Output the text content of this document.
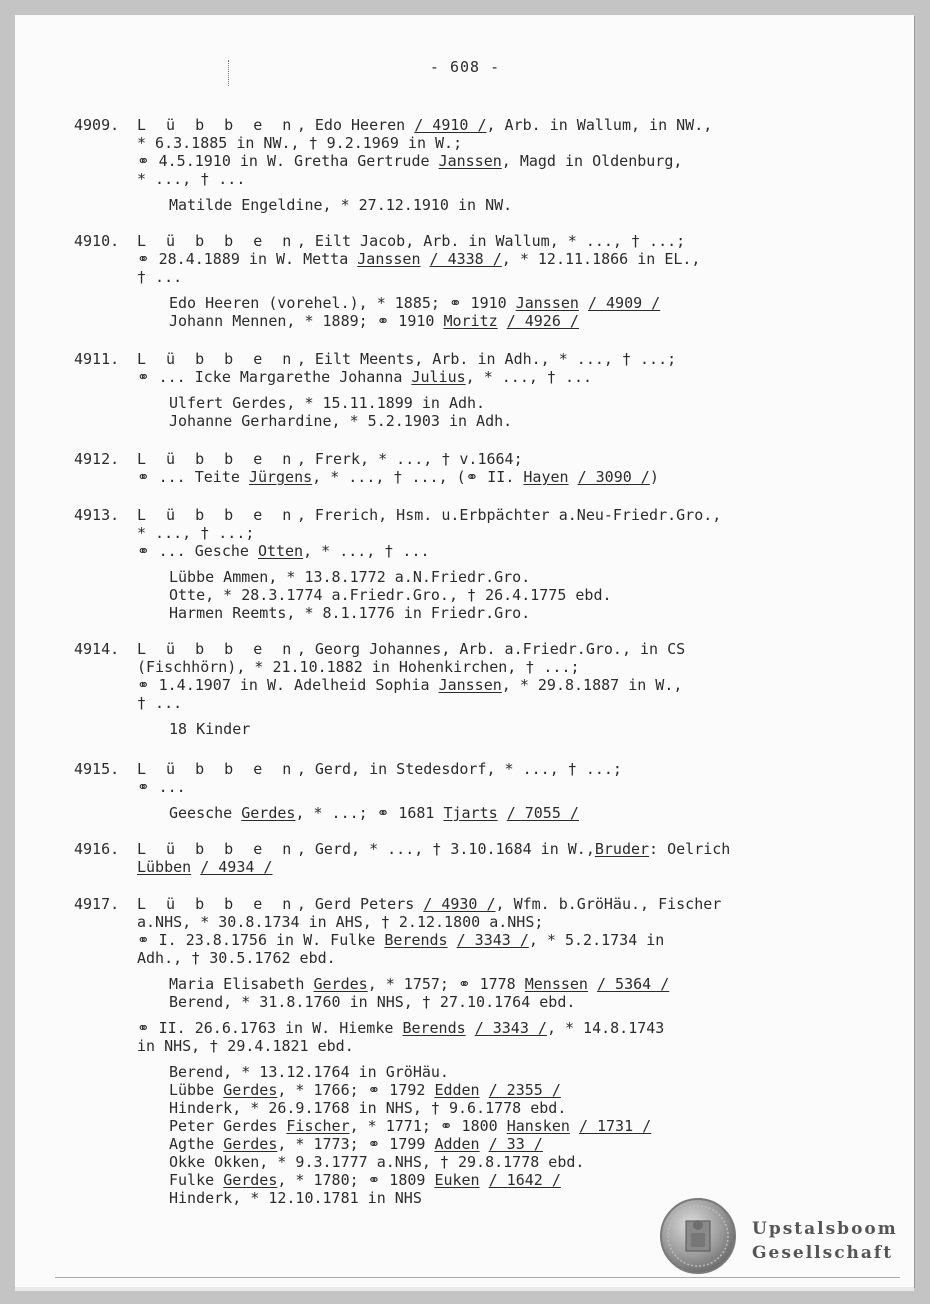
- 608 -
4909. L ü b b e n, Edo Heeren / 4910 /, Arb. in Wallum, in NW.,
* 6.3.1885 in NW., † 9.2.1969 in W.;
⚭ 4.5.1910 in W. Gretha Gertrude Janssen, Magd in Oldenburg,
* ..., † ...
Matilde Engeldine, * 27.12.1910 in NW.
4910. L ü b b e n, Eilt Jacob, Arb. in Wallum, * ..., † ...;
⚭ 28.4.1889 in W. Metta Janssen / 4338 /, * 12.11.1866 in EL.,
† ...
Edo Heeren (vorehel.), * 1885; ⚭ 1910 Janssen / 4909 /
Johann Mennen, * 1889; ⚭ 1910 Moritz / 4926 /
4911. L ü b b e n, Eilt Meents, Arb. in Adh., * ..., † ...;
⚭ ... Icke Margarethe Johanna Julius, * ..., † ...
Ulfert Gerdes, * 15.11.1899 in Adh.
Johanne Gerhardine, * 5.2.1903 in Adh.
4912. L ü b b e n, Frerk, * ..., † v.1664;
⚭ ... Teite Jürgens, * ..., † ..., (⚭ II. Hayen / 3090 /)
4913. L ü b b e n, Frerich, Hsm. u.Erbpächter a.Neu-Friedr.Gro.,
* ..., † ...;
⚭ ... Gesche Otten, * ..., † ...
Lübbe Ammen, * 13.8.1772 a.N.Friedr.Gro.
Otte, * 28.3.1774 a.Friedr.Gro., † 26.4.1775 ebd.
Harmen Reemts, * 8.1.1776 in Friedr.Gro.
4914. L ü b b e n, Georg Johannes, Arb. a.Friedr.Gro., in CS
(Fischhörn), * 21.10.1882 in Hohenkirchen, † ...;
⚭ 1.4.1907 in W. Adelheid Sophia Janssen, * 29.8.1887 in W.,
† ...
18 Kinder
4915. L ü b b e n, Gerd, in Stedesdorf, * ..., † ...;
⚭ ...
Geesche Gerdes, * ...; ⚭ 1681 Tjarts / 7055 /
4916. L ü b b e n, Gerd, * ..., † 3.10.1684 in W.,Bruder: Oelrich
Lübben / 4934 /
4917. L ü b b e n, Gerd Peters / 4930 /, Wfm. b.GröHäu., Fischer
a.NHS, * 30.8.1734 in AHS, † 2.12.1800 a.NHS;
⚭ I. 23.8.1756 in W. Fulke Berends / 3343 /, * 5.2.1734 in
Adh., † 30.5.1762 ebd.
Maria Elisabeth Gerdes, * 1757; ⚭ 1778 Menssen / 5364 /
Berend, * 31.8.1760 in NHS, † 27.10.1764 ebd.
⚭ II. 26.6.1763 in W. Hiemke Berends / 3343 /, * 14.8.1743
in NHS, † 29.4.1821 ebd.
Berend, * 13.12.1764 in GröHäu.
Lübbe Gerdes, * 1766; ⚭ 1792 Edden / 2355 /
Hinderk, * 26.9.1768 in NHS, † 9.6.1778 ebd.
Peter Gerdes Fischer, * 1771; ⚭ 1800 Hansken / 1731 /
Agthe Gerdes, * 1773; ⚭ 1799 Adden / 33 /
Okke Okken, * 9.3.1777 a.NHS, † 29.8.1778 ebd.
Fulke Gerdes, * 1780; ⚭ 1809 Euken / 1642 /
Hinderk, * 12.10.1781 in NHS
Upstalsboom
Gesellschaft
